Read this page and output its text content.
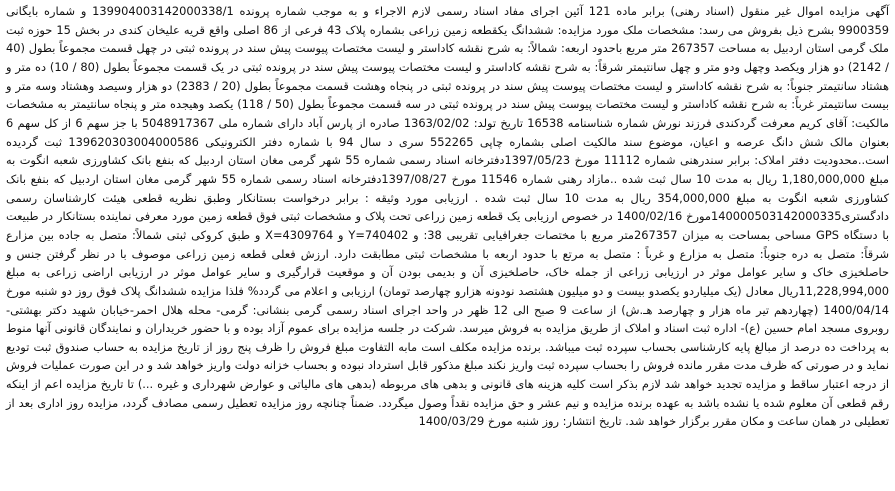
آگهی مزایده اموال غیر منقول (اسناد رهنی) برابر ماده 121 آئین اجرای مفاد اسناد رسمی لازم الاجراء و به موجب شماره پرونده 139904003142000338/1 و شماره بایگانی 9900359 بشرح ذیل بفروش می رسد: مشخصات ملک مورد مزایده: ششدانگ یکقطعه زمین زراعی بشماره پلاک 43 فرعی از 86 اصلی واقع قریه علیخان کندی در بخش 15 حوزه ثبت ملک گرمی استان اردبیل به مساحت 267357 متر مربع باحدود اربعه: شمالاً: به شرح نقشه کاداستر و لیست مختصات پیوست پیش سند در پرونده ثبتی در چهل قسمت مجموعاً بطول (40 / 2142) دو هزار ویکصد وچهل ودو متر و چهل سانتیمتر شرقاً: به شرح نقشه کاداستر و لیست مختصات پیوست پیش سند در پرونده ثبتی در یک قسمت مجموعاً بطول (80 / 10) ده متر و هشتاد سانتیمتر جنوباً: به شرح نقشه کاداستر و لیست مختصات پیوست پیش سند در پرونده ثبتی در پنجاه وهشت قسمت مجموعاً بطول (20 / 2383) دو هزار وسیصد وهشتاد وسه متر و بیست سانتیمتر غرباً: به شرح نقشه کاداستر و لیست مختصات پیوست پیش سند در پرونده ثبتی در سه قسمت مجموعاً بطول (50 / 118) یکصد وهیجده متر و پنجاه سانتیمتر به مشخصات مالکیت: آقای کریم معرفت گردکندی فرزند نورش شماره شناسنامه 16538 تاریخ تولد: 1363/02/02 صادره از پارس آباد دارای شماره ملی 5048917367 با جز سهم 6 از کل سهم 6 بعنوان مالک شش دانگ عرصه و اعیان، موضوع سند مالکیت اصلی بشماره چاپی 552265 سری د سال 94 با شماره دفتر الکترونیکی 139620303004000586 ثبت گردیده است..محدودیت دفتر املاک: برابر سندرهنی شماره 11112 مورخ 1397/05/23دفترخانه اسناد رسمی شماره 55 شهر گرمی مغان استان اردبیل که بنفع بانک کشاورزی شعبه انگوت به مبلغ 1,180,000,000 ریال به مدت 10 سال ثبت شده ..مازاد رهنی شماره 11546 مورخ 1397/08/27دفترخانه اسناد رسمی شماره 55 شهر گرمی مغان استان اردبیل که بنفع بانک کشاورزی شعبه انگوت به مبلغ 354,000,000 ریال به مدت 10 سال ثبت شده . ارزیابی مورد وثیقه : برابر درخواست بستانکار وطبق نظریه قطعی هیئت کارشناسان رسمی دادگستری140000503142000335مورخ 1400/02/16 در خصوص ارزیابی یک قطعه زمین زراعی تحت پلاک و مشخصات ثبتی فوق قطعه زمین مورد معرفی نماینده بستانکار در طبیعت با دستگاه GPS مساحی بمساحت به میزان 267357متر مربع با مختصات جغرافیایی تقریبی 38: و Y=740402 و X=4309764 و طبق کروکی ثبتی شمالاً: متصل به جاده بین مزارع شرقاً: متصل به دره جنوباً: متصل به مزارع و غرباً : متصل به مرتع با حدود اربعه با مشخصات ثبتی مطابقت دارد. ارزش فعلی قطعه زمین زراعی موصوف با در نظر گرفتن جنس و حاصلخیزی خاک و سایر عوامل موثر در ارزیابی زراعی از جمله خاک، حاصلخیزی آن و بدیمی بودن آن و موقعیت قرارگیری و سایر عوامل موثر در ارزیابی اراضی زراعی به مبلغ 11,228,994,000ریال معادل (یک میلیاردو یکصدو بیست و دو میلیون هشتصد نودونه هزارو چهارصد تومان) ارزیابی و اعلام می گردد% فلذا مزایده ششدانگ پلاک فوق روز دو شنبه مورخ 1400/04/14 (چهاردهم تیر ماه هزار و چهارصد هـ.ش) از ساعت 9 صبح الی 12 ظهر در واحد اجرای اسناد رسمی گرمی بنشانی: گرمی- محله هلال احمر-خیابان شهید دکتر بهشتی- روبروی مسجد امام حسین (ع)- اداره ثبت اسناد و املاک از طریق مزایده به فروش میرسد. شرکت در جلسه مزایده برای عموم آزاد بوده و با حضور خریداران و نمایندگان قانونی آنها منوط به پرداخت ده درصد از مبالغ پایه کارشناسی بحساب سپرده ثبت میباشد. برنده مزایده مکلف است مابه التفاوت مبلغ فروش را ظرف پنج روز از تاریخ مزایده به حساب صندوق ثبت تودیع نماید و در صورتی که ظرف مدت مقرر مانده فروش را بحساب سپرده ثبت واریز نکند مبلغ مذکور قابل استرداد نبوده و بحساب خزانه دولت واریز خواهد شد و در این صورت عملیات فروش از درجه اعتبار ساقط و مزایده تجدید خواهد شد لازم بذکر است کلیه هزینه های قانونی و بدهی های مربوطه (بدهی های مالیاتی و عوارض شهرداری و غیره ...) تا تاریخ مزایده اعم از اینکه رقم قطعی آن معلوم شده یا نشده باشد به عهده برنده مزایده و نیم عشر و حق مزایده نقداً وصول میگردد. ضمناً چنانچه روز مزایده تعطیل رسمی مصادف گردد، مزایده روز اداری بعد از تعطیلی در همان ساعت و مکان مقرر برگزار خواهد شد. تاریخ انتشار: روز شنبه مورخ 1400/03/29
